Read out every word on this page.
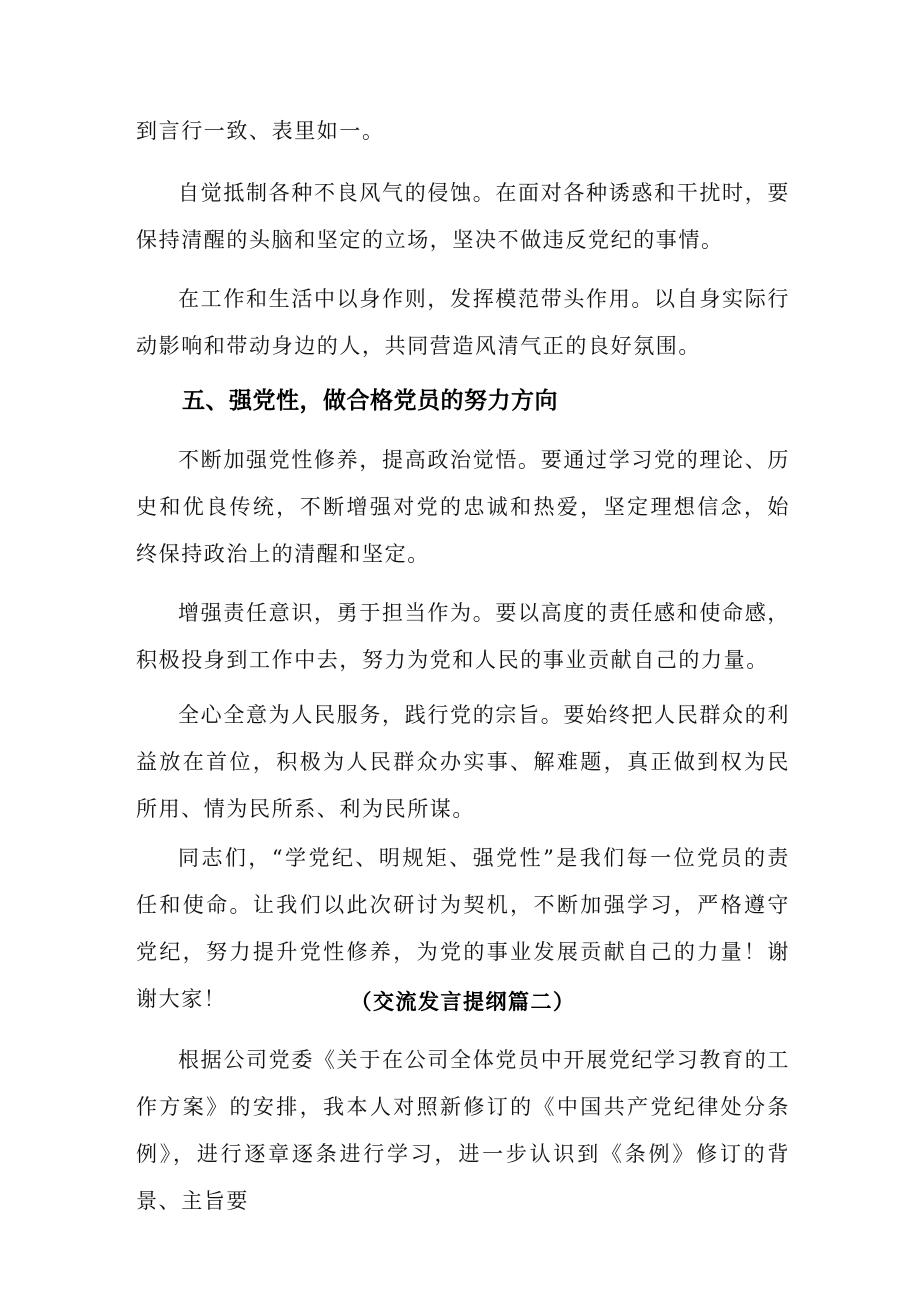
到言行一致、表里如一。

自觉抵制各种不良风气的侵蚀。在面对各种诱惑和干扰时，要保持清醒的头脑和坚定的立场，坚决不做违反党纪的事情。

在工作和生活中以身作则，发挥模范带头作用。以自身实际行动影响和带动身边的人，共同营造风清气正的良好氛围。

五、强党性，做合格党员的努力方向

不断加强党性修养，提高政治觉悟。要通过学习党的理论、历史和优良传统，不断增强对党的忠诚和热爱，坚定理想信念，始终保持政治上的清醒和坚定。

增强责任意识，勇于担当作为。要以高度的责任感和使命感，积极投身到工作中去，努力为党和人民的事业贡献自己的力量。

全心全意为人民服务，践行党的宗旨。要始终把人民群众的利益放在首位，积极为人民群众办实事、解难题，真正做到权为民所用、情为民所系、利为民所谋。

同志们，“学党纪、明规矩、强党性”是我们每一位党员的责任和使命。让我们以此次研讨为契机，不断加强学习，严格遵守党纪，努力提升党性修养，为党的事业发展贡献自己的力量！谢谢大家！	（交流发言提纲篇二）

根据公司党委《关于在公司全体党员中开展党纪学习教育的工作方案》的安排，我本人对照新修订的《中国共产党纪律处分条例》，进行逐章逐条进行学习，进一步认识到《条例》修订的背景、主旨要
